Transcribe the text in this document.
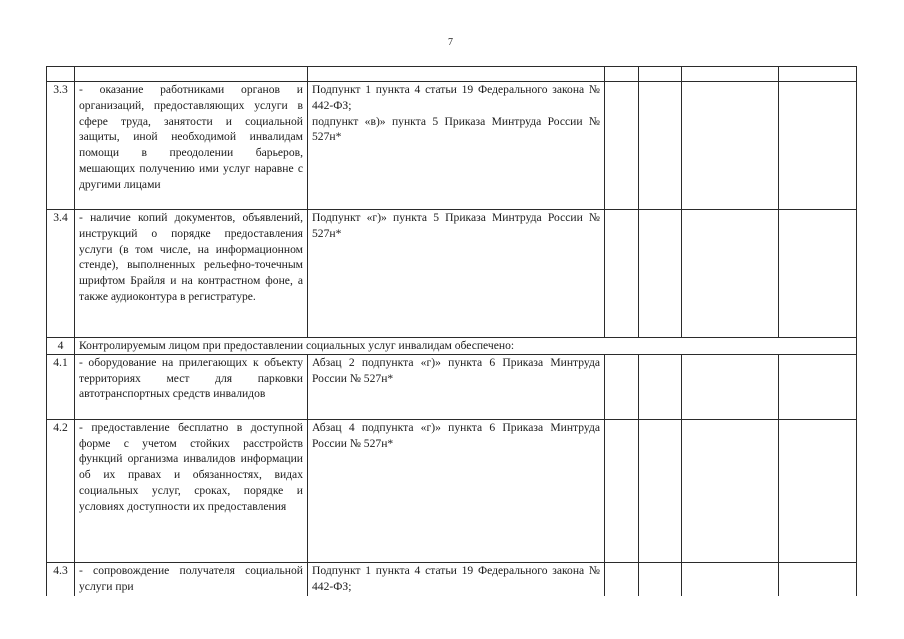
7

3.3	- оказание работниками органов и организаций, предоставляющих услуги в сфере труда, занятости и социальной защиты, иной необходимой инвалидам помощи в преодолении барьеров, мешающих получению ими услуг наравне с другими лицами	Подпункт 1 пункта 4 статьи 19 Федерального закона № 442-ФЗ;
подпункт «в)» пункта 5 Приказа Минтруда России № 527н*				
3.4	- наличие копий документов, объявлений, инструкций о порядке предоставления услуги (в том числе, на информационном стенде), выполненных рельефно-точечным шрифтом Брайля и на контрастном фоне, а также аудиоконтура в регистратуре.	Подпункт «г)» пункта 5 Приказа Минтруда России № 527н*				
4	Контролируемым лицом при предоставлении социальных услуг инвалидам обеспечено:					
4.1	- оборудование на прилегающих к объекту территориях мест для парковки автотранспортных средств инвалидов	Абзац 2 подпункта «г)» пункта 6 Приказа Минтруда России № 527н*				
4.2	- предоставление бесплатно в доступной форме с учетом стойких расстройств функций организма инвалидов информации об их правах и обязанностях, видах социальных услуг, сроках, порядке и условиях доступности их предоставления	Абзац 4 подпункта «г)» пункта 6 Приказа Минтруда России № 527н*				
4.3	- сопровождение получателя социальной услуги при	Подпункт 1 пункта 4 статьи 19 Федерального закона № 442-ФЗ;				
